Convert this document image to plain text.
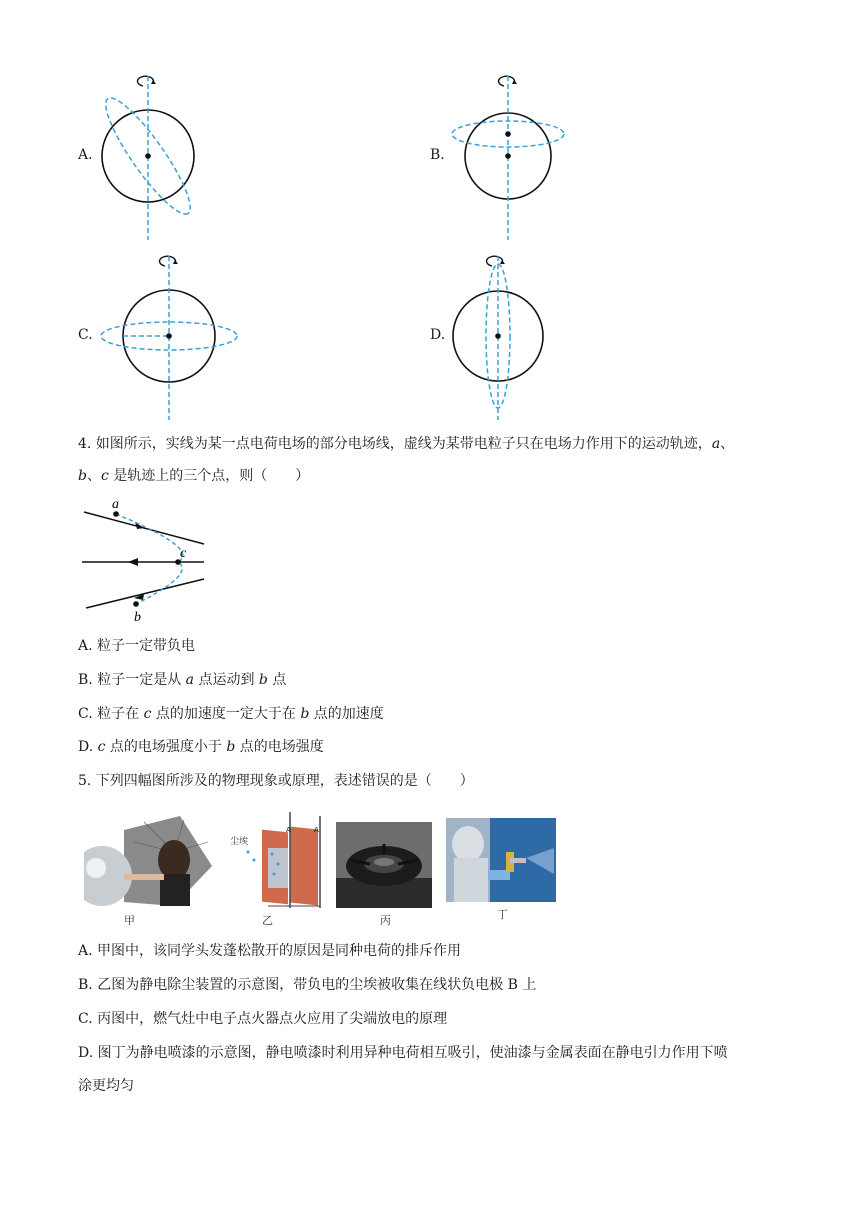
A.	B.
C.	D.
4. 如图所示，实线为某一点电荷电场的部分电场线，虚线为某带电粒子只在电场力作用下的运动轨迹，a、
b、c 是轨迹上的三个点，则（　　）
a
c
b
A. 粒子一定带负电
B. 粒子一定是从 a 点运动到 b 点
C. 粒子在 c 点的加速度一定大于在 b 点的加速度
D. c 点的电场强度小于 b 点的电场强度
5. 下列四幅图所涉及的物理现象或原理，表述错误的是（　　）
甲
尘埃
A	A
乙	丙	丁
A. 甲图中，该同学头发蓬松散开的原因是同种电荷的排斥作用
B. 乙图为静电除尘装置的示意图，带负电的尘埃被收集在线状负电极 B 上
C. 丙图中，燃气灶中电子点火器点火应用了尖端放电的原理
D. 图丁为静电喷漆的示意图，静电喷漆时利用异种电荷相互吸引，使油漆与金属表面在静电引力作用下喷
涂更均匀
